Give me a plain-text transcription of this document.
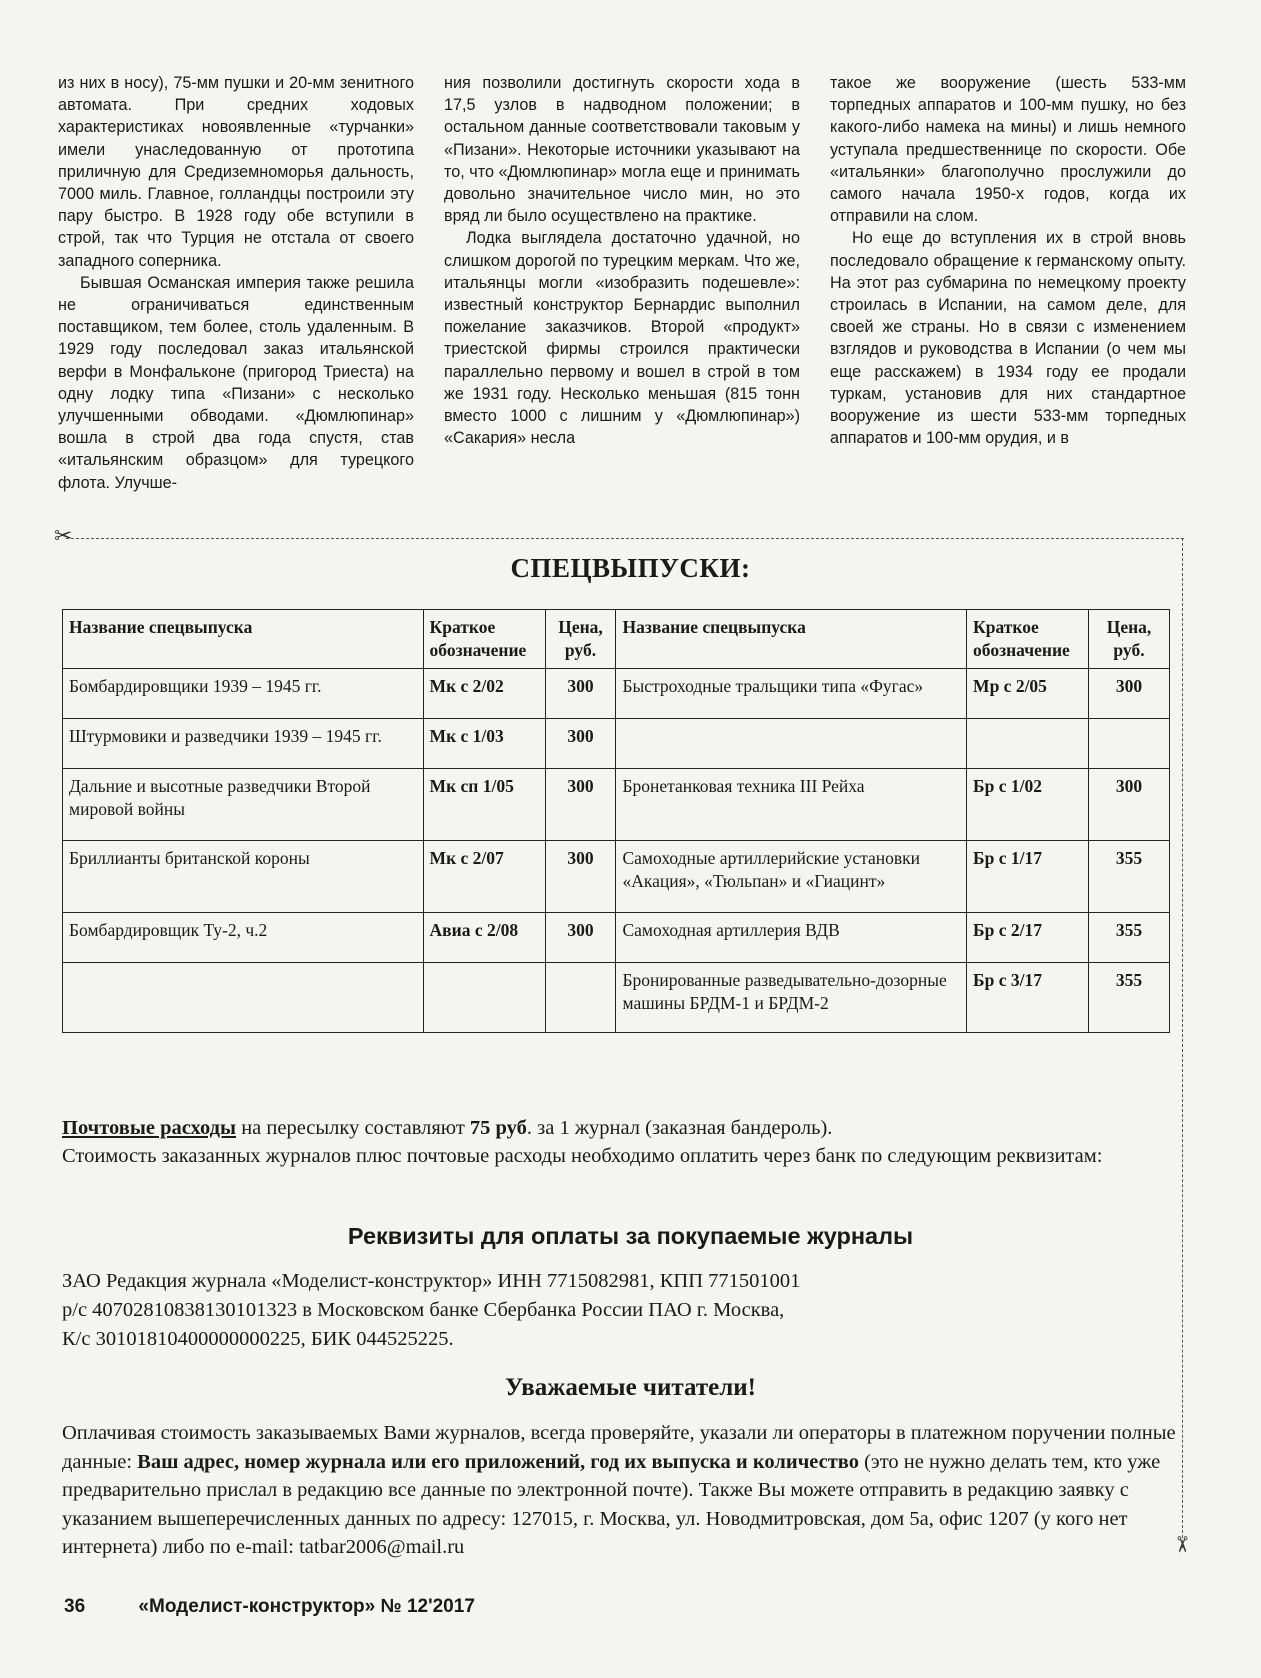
из них в носу), 75-мм пушки и 20-мм зенитного автомата. При средних ходовых характеристиках новоявленные «турчанки» имели унаследованную от прототипа приличную для Средиземноморья дальность, 7000 миль. Главное, голландцы построили эту пару быстро. В 1928 году обе вступили в строй, так что Турция не отстала от своего западного соперника.

Бывшая Османская империя также решила не ограничиваться единственным поставщиком, тем более, столь удаленным. В 1929 году последовал заказ итальянской верфи в Монфальконе (пригород Триеста) на одну лодку типа «Пизани» с несколько улучшенными обводами. «Дюмлюпинар» вошла в строй два года спустя, став «итальянским образцом» для турецкого флота. Улучше-

ния позволили достигнуть скорости хода в 17,5 узлов в надводном положении; в остальном данные соответствовали таковым у «Пизани». Некоторые источники указывают на то, что «Дюмлюпинар» могла еще и принимать довольно значительное число мин, но это вряд ли было осуществлено на практике.

Лодка выглядела достаточно удачной, но слишком дорогой по турецким меркам. Что же, итальянцы могли «изобразить подешевле»: известный конструктор Бернардис выполнил пожелание заказчиков. Второй «продукт» триестской фирмы строился практически параллельно первому и вошел в строй в том же 1931 году. Несколько меньшая (815 тонн вместо 1000 с лишним у «Дюмлюпинар») «Сакария» несла

такое же вооружение (шесть 533-мм торпедных аппаратов и 100-мм пушку, но без какого-либо намека на мины) и лишь немного уступала предшественнице по скорости. Обе «итальянки» благополучно прослужили до самого начала 1950-х годов, когда их отправили на слом.

Но еще до вступления их в строй вновь последовало обращение к германскому опыту. На этот раз субмарина по немецкому проекту строилась в Испании, на самом деле, для своей же страны. Но в связи с изменением взглядов и руководства в Испании (о чем мы еще расскажем) в 1934 году ее продали туркам, установив для них стандартное вооружение из шести 533-мм торпедных аппаратов и 100-мм орудия, и в

✂
✂
СПЕЦВЫПУСКИ:
Название спецвыпуска	Краткое обозначение	Цена, руб.	Название спецвыпуска	Краткое обозначение	Цена, руб.
Бомбардировщики 1939 – 1945 гг.	Мк с 2/02	300	Быстроходные тральщики типа «Фугас»	Мр с 2/05	300
Штурмовики и разведчики 1939 – 1945 гг.	Мк с 1/03	300			
Дальние и высотные разведчики Второй мировой войны	Мк сп 1/05	300	Бронетанковая техника III Рейха	Бр с 1/02	300
Бриллианты британской короны	Мк с 2/07	300	Самоходные артиллерийские установки «Акация», «Тюльпан» и «Гиацинт»	Бр с 1/17	355
Бомбардировщик Ту-2, ч.2	Авиа с 2/08	300	Самоходная артиллерия ВДВ	Бр с 2/17	355
			Бронированные разведывательно-дозорные машины БРДМ-1 и БРДМ-2	Бр с 3/17	355
Почтовые расходы на пересылку составляют 75 руб. за 1 журнал (заказная бандероль).
Стоимость заказанных журналов плюс почтовые расходы необходимо оплатить через банк по следующим реквизитам:
Реквизиты для оплаты за покупаемые журналы
ЗАО Редакция журнала «Моделист-конструктор» ИНН 7715082981, КПП 771501001
р/с 40702810838130101323 в Московском банке Сбербанка России ПАО г. Москва,
К/с 30101810400000000225, БИК 044525225.
Уважаемые читатели!
Оплачивая стоимость заказываемых Вами журналов, всегда проверяйте, указали ли операторы в платежном поручении полные данные: Ваш адрес, номер журнала или его приложений, год их выпуска и количество (это не нужно делать тем, кто уже предварительно прислал в редакцию все данные по электронной почте). Также Вы можете отправить в редакцию заявку с указанием вышеперечисленных данных по адресу: 127015, г. Москва, ул. Новодмитровская, дом 5а, офис 1207 (у кого нет интернета) либо по e-mail: tatbar2006@mail.ru
36	«Моделист-конструктор» № 12'2017
